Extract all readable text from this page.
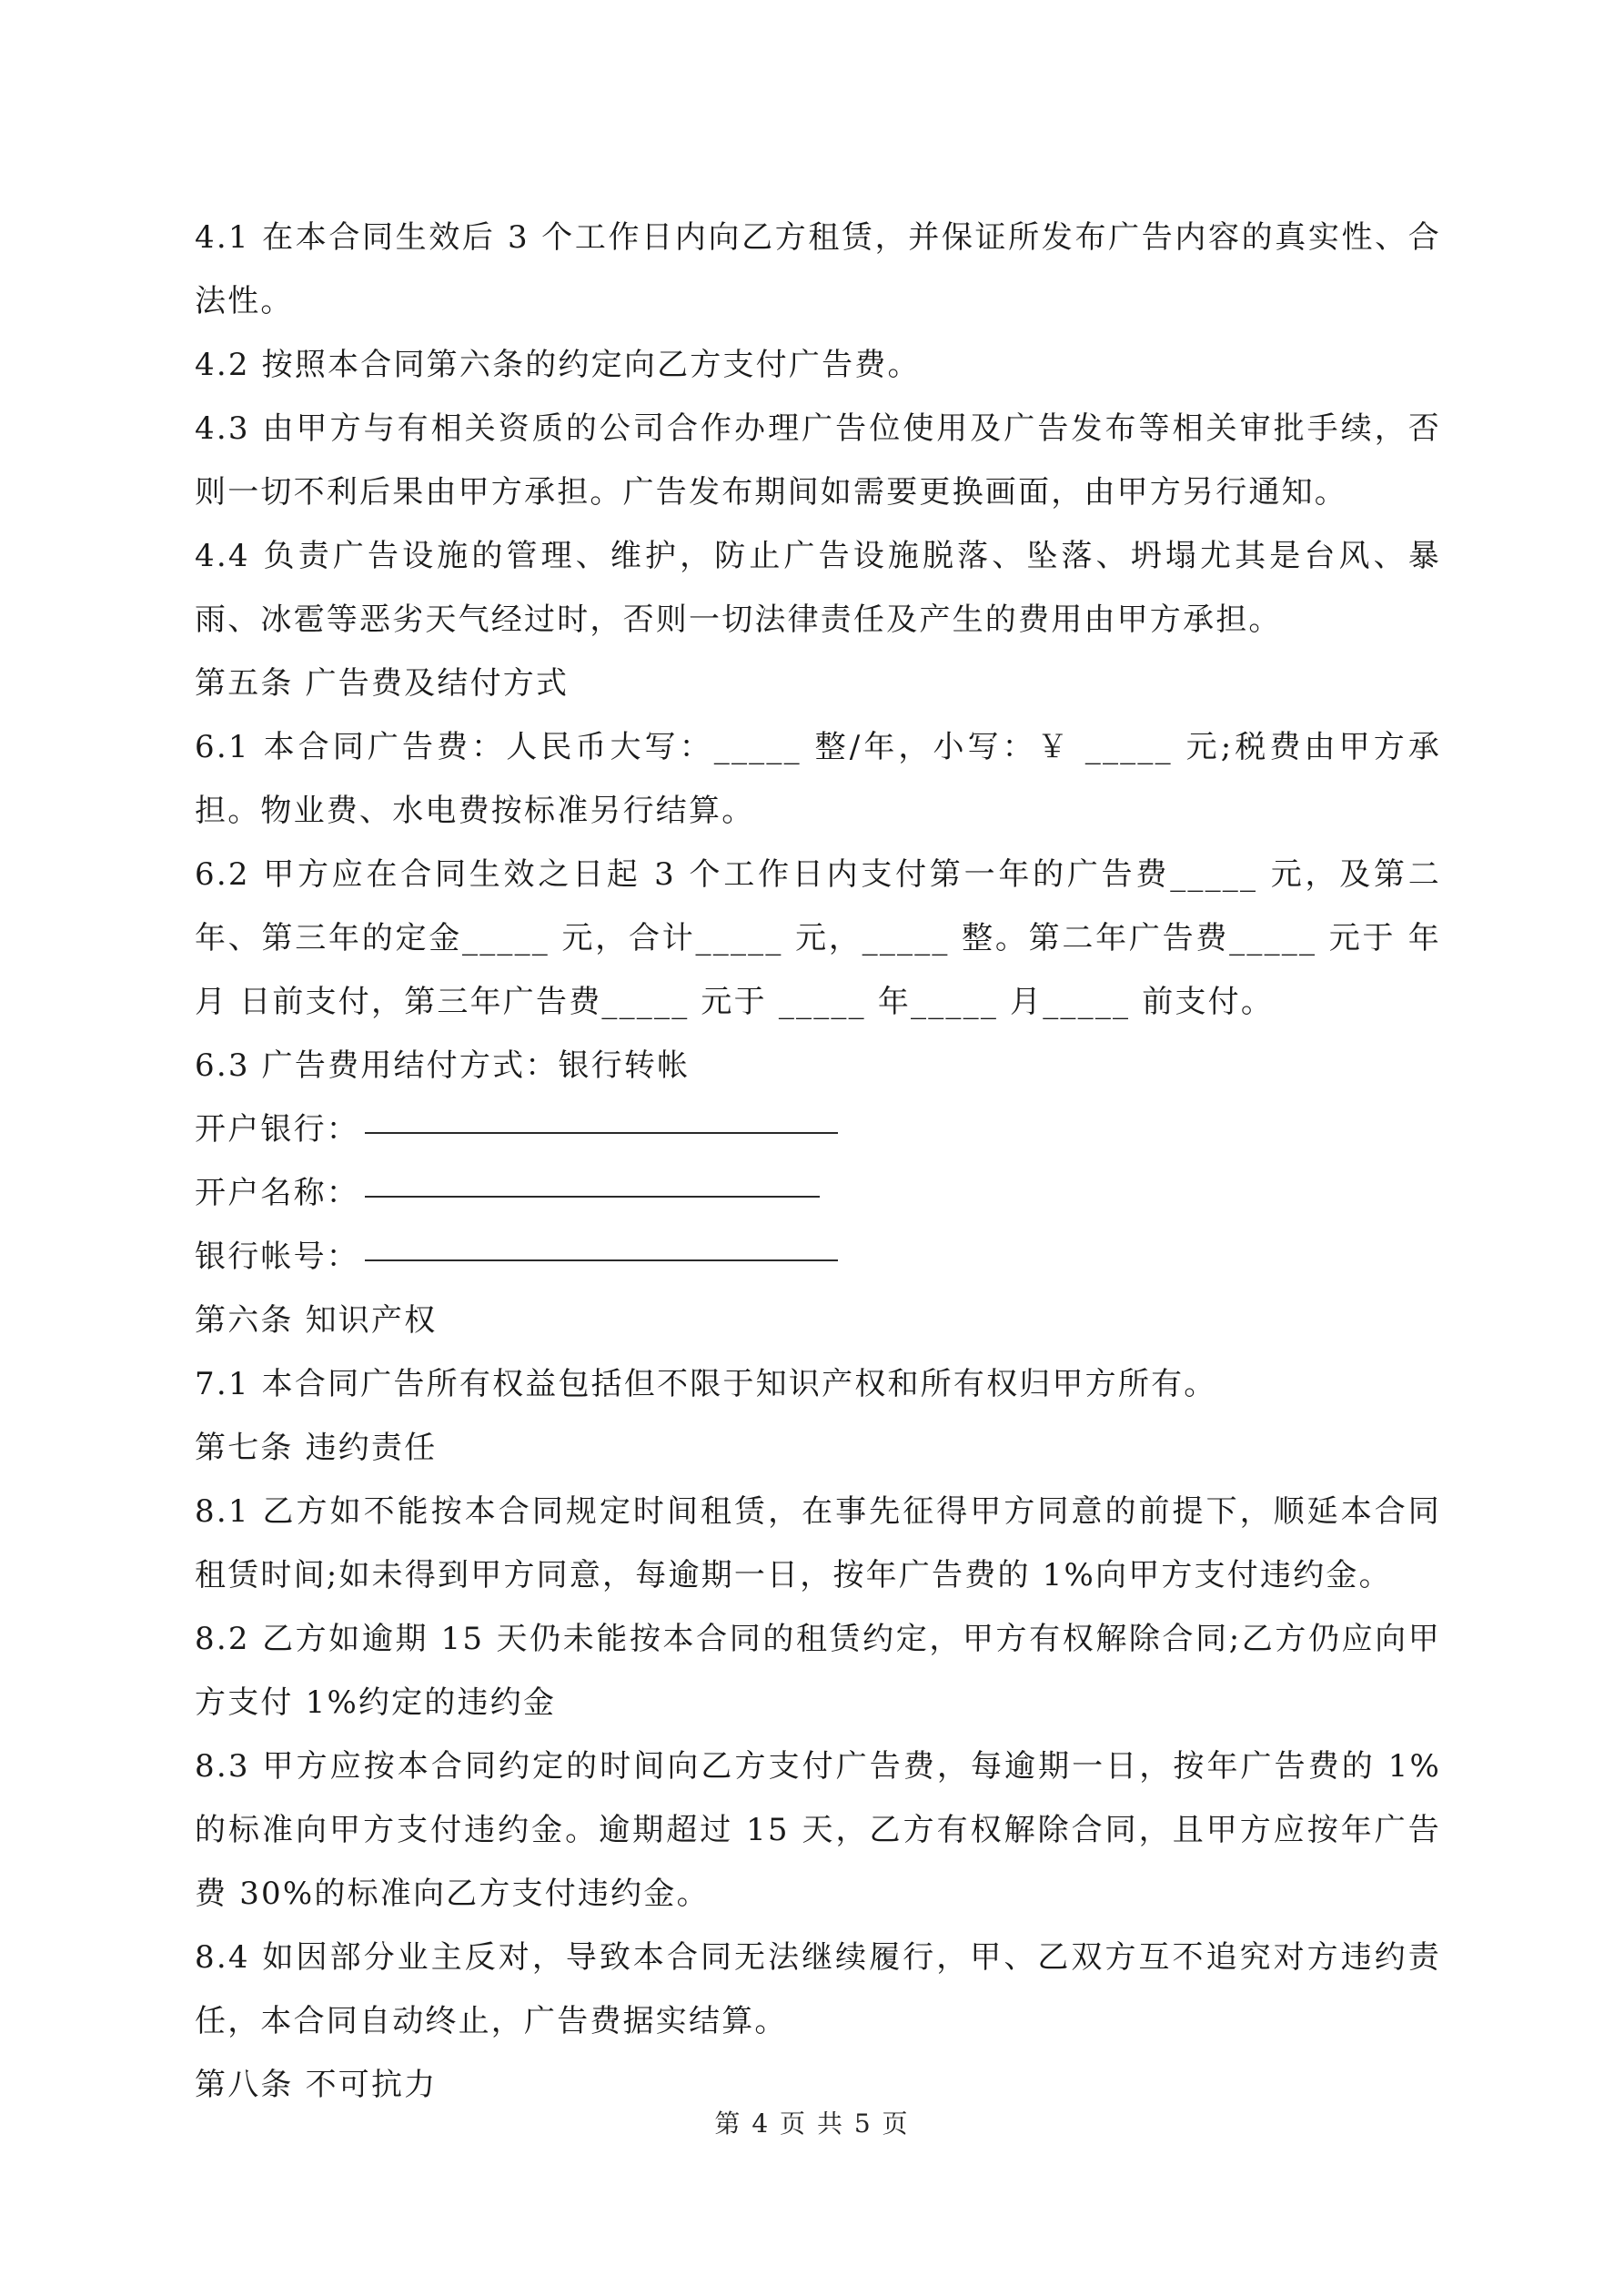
4.1 在本合同生效后 3 个工作日内向乙方租赁，并保证所发布广告内容的真实性、合法性。

4.2 按照本合同第六条的约定向乙方支付广告费。

4.3 由甲方与有相关资质的公司合作办理广告位使用及广告发布等相关审批手续，否则一切不利后果由甲方承担。广告发布期间如需要更换画面，由甲方另行通知。

4.4 负责广告设施的管理、维护，防止广告设施脱落、坠落、坍塌尤其是台风、暴雨、冰雹等恶劣天气经过时，否则一切法律责任及产生的费用由甲方承担。

第五条 广告费及结付方式

6.1 本合同广告费：人民币大写：_____ 整/年，小写：￥ _____ 元;税费由甲方承担。物业费、水电费按标准另行结算。

6.2 甲方应在合同生效之日起 3 个工作日内支付第一年的广告费_____ 元，及第二年、第三年的定金_____ 元，合计_____ 元，_____ 整。第二年广告费_____ 元于 年 月 日前支付，第三年广告费_____ 元于 _____ 年_____ 月_____ 前支付。

6.3 广告费用结付方式：银行转帐

开户银行：

开户名称：

银行帐号：

第六条 知识产权

7.1 本合同广告所有权益包括但不限于知识产权和所有权归甲方所有。

第七条 违约责任

8.1 乙方如不能按本合同规定时间租赁，在事先征得甲方同意的前提下，顺延本合同租赁时间;如未得到甲方同意，每逾期一日，按年广告费的 1%向甲方支付违约金。

8.2 乙方如逾期 15 天仍未能按本合同的租赁约定，甲方有权解除合同;乙方仍应向甲方支付 1%约定的违约金

8.3 甲方应按本合同约定的时间向乙方支付广告费，每逾期一日，按年广告费的 1%的标准向甲方支付违约金。逾期超过 15 天，乙方有权解除合同，且甲方应按年广告费 30%的标准向乙方支付违约金。

8.4 如因部分业主反对，导致本合同无法继续履行，甲、乙双方互不追究对方违约责任，本合同自动终止，广告费据实结算。

第八条 不可抗力

第 4 页 共 5 页
